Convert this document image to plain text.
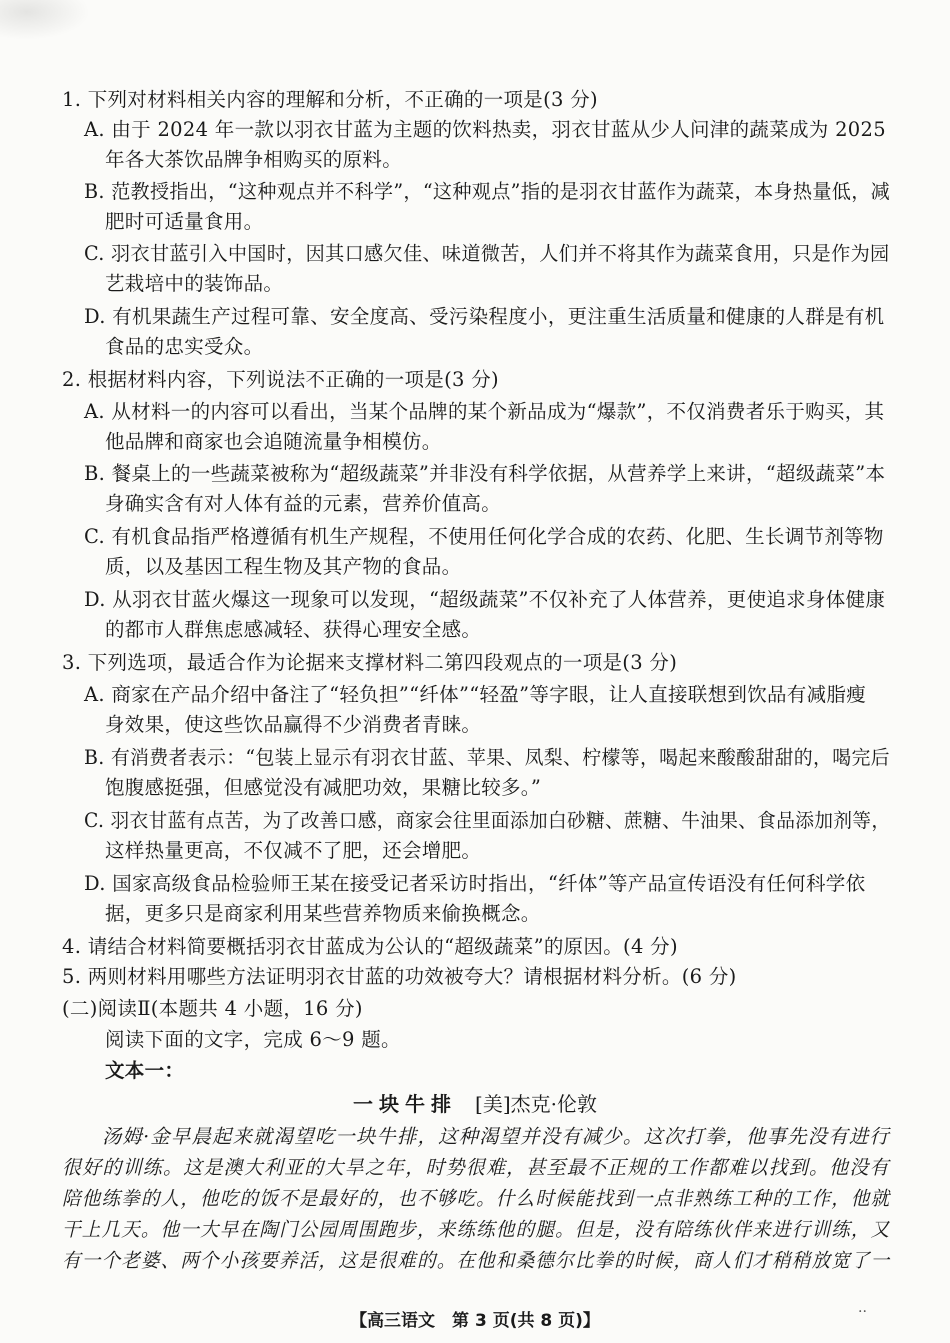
1. 下列对材料相关内容的理解和分析，不正确的一项是(3 分)
A. 由于 2024 年一款以羽衣甘蓝为主题的饮料热卖，羽衣甘蓝从少人问津的蔬菜成为 2025
年各大茶饮品牌争相购买的原料。
B. 范教授指出，“这种观点并不科学”，“这种观点”指的是羽衣甘蓝作为蔬菜，本身热量低，减
肥时可适量食用。
C. 羽衣甘蓝引入中国时，因其口感欠佳、味道微苦，人们并不将其作为蔬菜食用，只是作为园
艺栽培中的装饰品。
D. 有机果蔬生产过程可靠、安全度高、受污染程度小，更注重生活质量和健康的人群是有机
食品的忠实受众。
2. 根据材料内容，下列说法不正确的一项是(3 分)
A. 从材料一的内容可以看出，当某个品牌的某个新品成为“爆款”，不仅消费者乐于购买，其
他品牌和商家也会追随流量争相模仿。
B. 餐桌上的一些蔬菜被称为“超级蔬菜”并非没有科学依据，从营养学上来讲，“超级蔬菜”本
身确实含有对人体有益的元素，营养价值高。
C. 有机食品指严格遵循有机生产规程，不使用任何化学合成的农药、化肥、生长调节剂等物
质，以及基因工程生物及其产物的食品。
D. 从羽衣甘蓝火爆这一现象可以发现，“超级蔬菜”不仅补充了人体营养，更使追求身体健康
的都市人群焦虑感减轻、获得心理安全感。
3. 下列选项，最适合作为论据来支撑材料二第四段观点的一项是(3 分)
A. 商家在产品介绍中备注了“轻负担”“纤体”“轻盈”等字眼，让人直接联想到饮品有减脂瘦
身效果，使这些饮品赢得不少消费者青睐。
B. 有消费者表示：“包装上显示有羽衣甘蓝、苹果、凤梨、柠檬等，喝起来酸酸甜甜的，喝完后
饱腹感挺强，但感觉没有减肥功效，果糖比较多。”
C. 羽衣甘蓝有点苦，为了改善口感，商家会往里面添加白砂糖、蔗糖、牛油果、食品添加剂等，
这样热量更高，不仅减不了肥，还会增肥。
D. 国家高级食品检验师王某在接受记者采访时指出，“纤体”等产品宣传语没有任何科学依
据，更多只是商家利用某些营养物质来偷换概念。
4. 请结合材料简要概括羽衣甘蓝成为公认的“超级蔬菜”的原因。(4 分)
5. 两则材料用哪些方法证明羽衣甘蓝的功效被夸大？请根据材料分析。(6 分)
(二)阅读Ⅱ(本题共 4 小题，16 分)
阅读下面的文字，完成 6～9 题。
文本一：
一块牛排 [美]杰克·伦敦
汤姆·金早晨起来就渴望吃一块牛排，这种渴望并没有减少。这次打拳，他事先没有进行
很好的训练。这是澳大利亚的大旱之年，时势很难，甚至最不正规的工作都难以找到。他没有
陪他练拳的人，他吃的饭不是最好的，也不够吃。什么时候能找到一点非熟练工种的工作，他就
干上几天。他一大早在陶门公园周围跑步，来练练他的腿。但是，没有陪练伙伴来进行训练，又
有一个老婆、两个小孩要养活，这是很难的。在他和桑德尔比拳的时候，商人们才稍稍放宽了一
【高三语文　第 3 页(共 8 页)】
..
